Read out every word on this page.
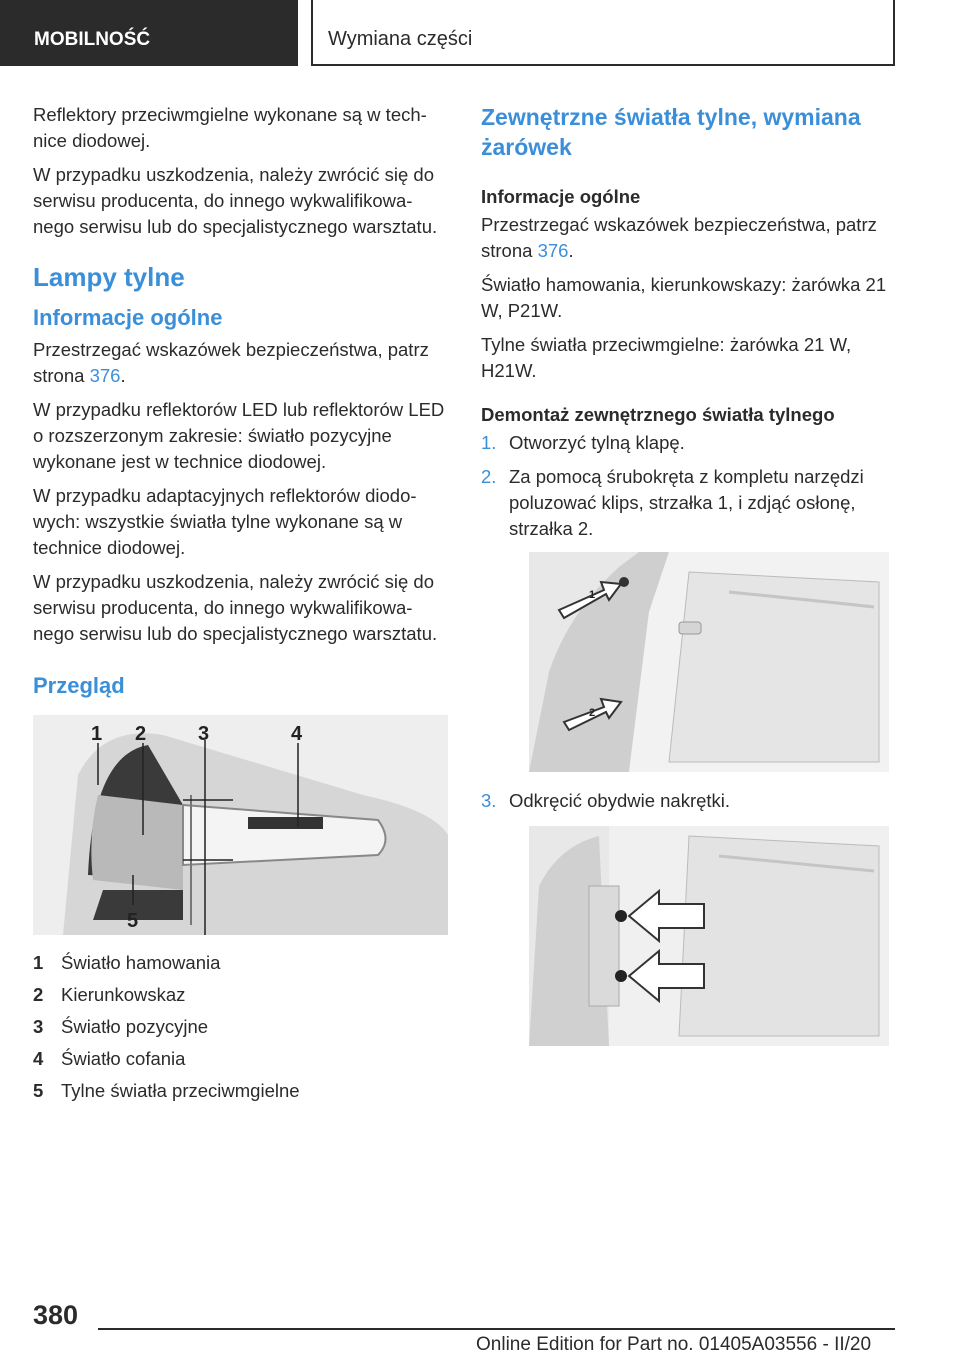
MOBILNOŚĆ	Wymiana części

Reflektory przeciwmgielne wykonane są w tech-nice diodowej.

W przypadku uszkodzenia, należy zwrócić się do serwisu producenta, do innego wykwalifikowa-nego serwisu lub do specjalistycznego warsztatu.

Lampy tylne
Informacje ogólne

Przestrzegać wskazówek bezpieczeństwa, patrz strona 376.

W przypadku reflektorów LED lub reflektorów LED o rozszerzonym zakresie: światło pozycyjne wykonane jest w technice diodowej.

W przypadku adaptacyjnych reflektorów diodo-wych: wszystkie światła tylne wykonane są w technice diodowej.

W przypadku uszkodzenia, należy zwrócić się do serwisu producenta, do innego wykwalifikowa-nego serwisu lub do specjalistycznego warsztatu.

Przegląd
1 2	3	4
5
1 Światło hamowania
2 Kierunkowskaz
3 Światło pozycyjne
4 Światło cofania
5 Tylne światła przeciwmgielne
Zewnętrzne światła tylne, wymiana żarówek
Informacje ogólne

Przestrzegać wskazówek bezpieczeństwa, patrz strona 376.

Światło hamowania, kierunkowskazy: żarówka 21 W, P21W.

Tylne światła przeciwmgielne: żarówka 21 W, H21W.

Demontaż zewnętrznego światła tylnego
1. Otworzyć tylną klapę.
2. Za pomocą śrubokręta z kompletu narzędzi poluzować klips, strzałka 1, i zdjąć osłonę, strzałka 2.
1
2
3. Odkręcić obydwie nakrętki.
380
Online Edition for Part no. 01405A03556 - II/20
